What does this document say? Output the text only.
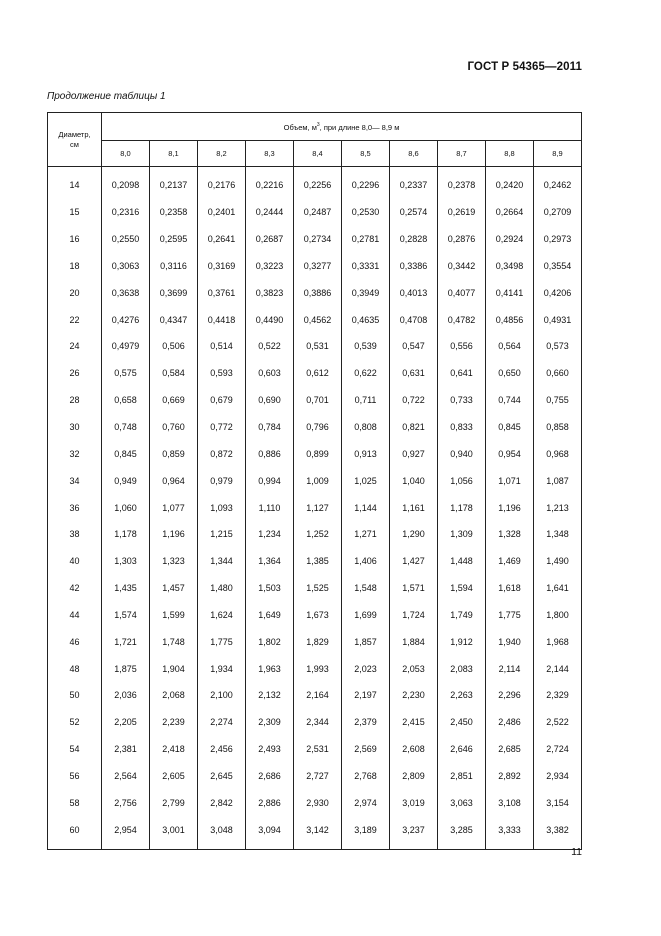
ГОСТ Р 54365—2011
Продолжение таблицы 1
Диаметр,
см	Объем, $м^3$, при длине 8,0— 8,9 м									
	8,0	8,1	8,2	8,3	8,4	8,5	8,6	8,7	8,8	8,9

14	0,2098	0,2137	0,2176	0,2216	0,2256	0,2296	0,2337	0,2378	0,2420	0,2462
15	0,2316	0,2358	0,2401	0,2444	0,2487	0,2530	0,2574	0,2619	0,2664	0,2709
16	0,2550	0,2595	0,2641	0,2687	0,2734	0,2781	0,2828	0,2876	0,2924	0,2973
18	0,3063	0,3116	0,3169	0,3223	0,3277	0,3331	0,3386	0,3442	0,3498	0,3554
20	0,3638	0,3699	0,3761	0,3823	0,3886	0,3949	0,4013	0,4077	0,4141	0,4206
22	0,4276	0,4347	0,4418	0,4490	0,4562	0,4635	0,4708	0,4782	0,4856	0,4931
24	0,4979	0,506	0,514	0,522	0,531	0,539	0,547	0,556	0,564	0,573
26	0,575	0,584	0,593	0,603	0,612	0,622	0,631	0,641	0,650	0,660
28	0,658	0,669	0,679	0,690	0,701	0,711	0,722	0,733	0,744	0,755
30	0,748	0,760	0,772	0,784	0,796	0,808	0,821	0,833	0,845	0,858
32	0,845	0,859	0,872	0,886	0,899	0,913	0,927	0,940	0,954	0,968
34	0,949	0,964	0,979	0,994	1,009	1,025	1,040	1,056	1,071	1,087
36	1,060	1,077	1,093	1,110	1,127	1,144	1,161	1,178	1,196	1,213
38	1,178	1,196	1,215	1,234	1,252	1,271	1,290	1,309	1,328	1,348
40	1,303	1,323	1,344	1,364	1,385	1,406	1,427	1,448	1,469	1,490
42	1,435	1,457	1,480	1,503	1,525	1,548	1,571	1,594	1,618	1,641
44	1,574	1,599	1,624	1,649	1,673	1,699	1,724	1,749	1,775	1,800
46	1,721	1,748	1,775	1,802	1,829	1,857	1,884	1,912	1,940	1,968
48	1,875	1,904	1,934	1,963	1,993	2,023	2,053	2,083	2,114	2,144
50	2,036	2,068	2,100	2,132	2,164	2,197	2,230	2,263	2,296	2,329
52	2,205	2,239	2,274	2,309	2,344	2,379	2,415	2,450	2,486	2,522
54	2,381	2,418	2,456	2,493	2,531	2,569	2,608	2,646	2,685	2,724
56	2,564	2,605	2,645	2,686	2,727	2,768	2,809	2,851	2,892	2,934
58	2,756	2,799	2,842	2,886	2,930	2,974	3,019	3,063	3,108	3,154
60	2,954	3,001	3,048	3,094	3,142	3,189	3,237	3,285	3,333	3,382

11
